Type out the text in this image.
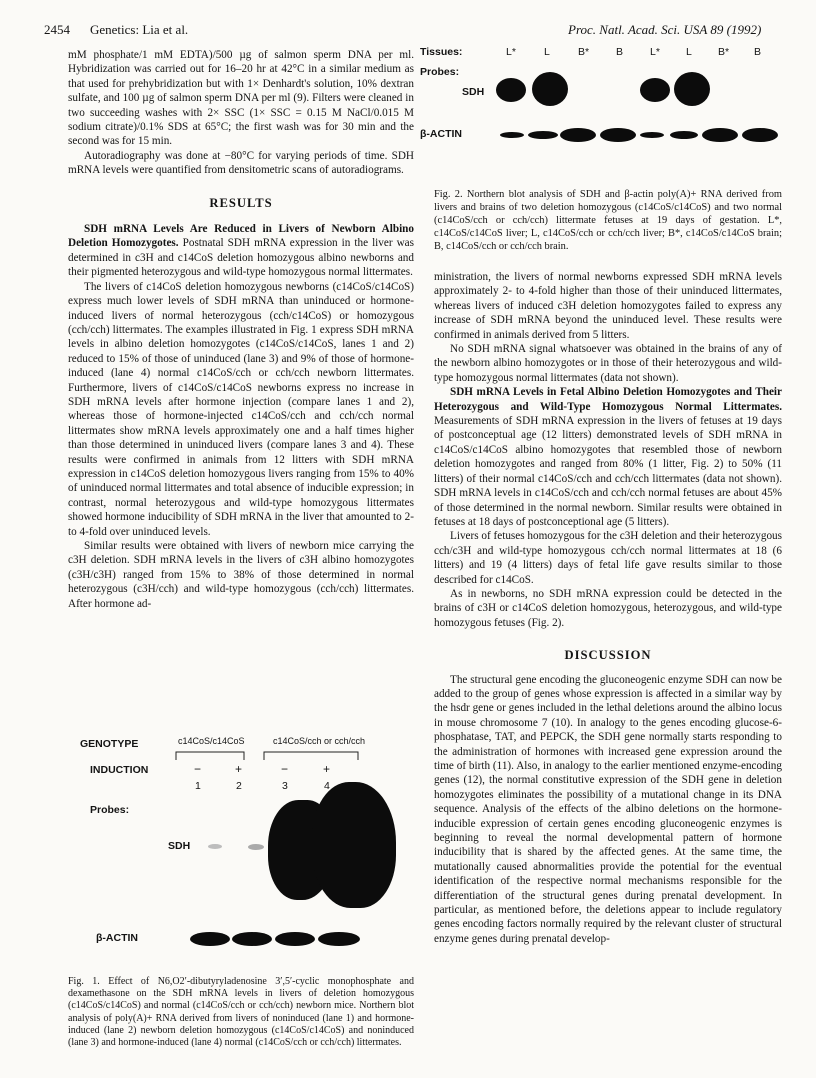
2454 Genetics: Lia et al.	Proc. Natl. Acad. Sci. USA 89 (1992)

mM phosphate/1 mM EDTA)/500 µg of salmon sperm DNA per ml. Hybridization was carried out for 16–20 hr at 42°C in a similar medium as that used for prehybridization but with 1× Denhardt's solution, 10% dextran sulfate, and 100 µg of salmon sperm DNA per ml (9). Filters were cleaned in two succeeding washes with 2× SSC (1× SSC = 0.15 M NaCl/0.015 M sodium citrate)/0.1% SDS at 65°C; the first wash was for 30 min and the second was for 15 min.

Autoradiography was done at −80°C for varying periods of time. SDH mRNA levels were quantified from densitometric scans of autoradiograms.

RESULTS

SDH mRNA Levels Are Reduced in Livers of Newborn Albino Deletion Homozygotes. Postnatal SDH mRNA expression in the liver was determined in c3H and c14CoS deletion homozygous albino newborns and their pigmented heterozygous and wild-type homozygous normal littermates.

The livers of c14CoS deletion homozygous newborns (c14CoS/c14CoS) express much lower levels of SDH mRNA than uninduced or hormone-induced livers of normal heterozygous (cch/c14CoS) or homozygous (cch/cch) littermates. The examples illustrated in Fig. 1 express SDH mRNA levels in albino deletion homozygotes (c14CoS/c14CoS, lanes 1 and 2) reduced to 15% of those of uninduced (lane 3) and 9% of those of hormone-induced (lane 4) normal c14CoS/cch or cch/cch newborn littermates. Furthermore, livers of c14CoS/c14CoS newborns express no increase in SDH mRNA levels after hormone injection (compare lanes 1 and 2), whereas those of hormone-injected c14CoS/cch and cch/cch normal littermates show mRNA levels approximately one and a half times higher than those determined in uninduced livers (compare lanes 3 and 4). These results were confirmed in animals from 12 litters with SDH mRNA expression in c14CoS deletion homozygous livers ranging from 15% to 40% of uninduced normal littermates and total absence of inducible expression; in contrast, normal heterozygous and wild-type homozygous littermates showed hormone inducibility of SDH mRNA in the liver that amounted to 2- to 4-fold over uninduced levels.

Similar results were obtained with livers of newborn mice carrying the c3H deletion. SDH mRNA levels in the livers of c3H albino homozygotes (c3H/c3H) ranged from 15% to 38% of those determined in normal heterozygous (c3H/cch) and wild-type homozygous (cch/cch) littermates. After hormone ad-

GENOTYPE	c14CoS/c14CoS	c14CoS/cch or cch/cch
INDUCTION	−	+	−	+
1	2	3	4
Probes:
SDH
β-ACTIN
Fig. 1. Effect of N6,O2′-dibutyryladenosine 3′,5′-cyclic monophosphate and dexamethasone on the SDH mRNA levels in livers of deletion homozygous (c14CoS/c14CoS) and normal (c14CoS/cch or cch/cch) newborn mice. Northern blot analysis of poly(A)+ RNA derived from livers of noninduced (lane 1) and hormone-induced (lane 2) newborn deletion homozygous (c14CoS/c14CoS) and noninduced (lane 3) and hormone-induced (lane 4) normal (c14CoS/cch or cch/cch) littermates.
Tissues:	L*	L	B*	B	L* L B* B
Probes:
SDH
β-ACTIN
Fig. 2. Northern blot analysis of SDH and β-actin poly(A)+ RNA derived from livers and brains of two deletion homozygous (c14CoS/c14CoS) and two normal (c14CoS/cch or cch/cch) littermate fetuses at 19 days of gestation. L*, c14CoS/c14CoS liver; L, c14CoS/cch or cch/cch liver; B*, c14CoS/c14CoS brain; B, c14CoS/cch or cch/cch brain.

ministration, the livers of normal newborns expressed SDH mRNA levels approximately 2- to 4-fold higher than those of their uninduced littermates, whereas livers of induced c3H deletion homozygotes failed to express any increase of SDH mRNA beyond the uninduced level. These results were confirmed in animals derived from 5 litters.

No SDH mRNA signal whatsoever was obtained in the brains of any of the newborn albino homozygotes or in those of their heterozygous and wild-type homozygous normal littermates (data not shown).

SDH mRNA Levels in Fetal Albino Deletion Homozygotes and Their Heterozygous and Wild-Type Homozygous Normal Littermates. Measurements of SDH mRNA expression in the livers of fetuses at 19 days of postconceptual age (12 litters) demonstrated levels of SDH mRNA in c14CoS/c14CoS albino homozygotes that resembled those of newborn deletion homozygotes and ranged from 80% (1 litter, Fig. 2) to 50% (11 litters) of their normal c14CoS/cch and cch/cch littermates (data not shown). SDH mRNA levels in c14CoS/cch and cch/cch normal fetuses are about 45% of those determined in the normal newborn. Similar results were obtained in fetuses at 18 days of postconceptional age (5 litters).

Livers of fetuses homozygous for the c3H deletion and their heterozygous cch/c3H and wild-type homozygous cch/cch normal littermates at 18 (6 litters) and 19 (4 litters) days of fetal life gave results similar to those described for c14CoS.

As in newborns, no SDH mRNA expression could be detected in the brains of c3H or c14CoS deletion homozygous, heterozygous, and wild-type homozygous fetuses (Fig. 2).

DISCUSSION

The structural gene encoding the gluconeogenic enzyme SDH can now be added to the group of genes whose expression is affected in a similar way by the hsdr gene or genes included in the lethal deletions around the albino locus in mouse chromosome 7 (10). In analogy to the genes encoding glucose-6-phosphatase, TAT, and PEPCK, the SDH gene normally starts responding to the administration of hormones with increased gene expression around the time of birth (11). Also, in analogy to the earlier mentioned enzyme-encoding genes (12), the normal constitutive expression of the SDH gene in deletion homozygotes eliminates the possibility of a mutational change in its DNA sequence. Analysis of the effects of the albino deletions on the hormone-inducible expression of certain genes encoding gluconeogenic enzymes is beginning to reveal the normal developmental pattern of hormone inducibility that is shared by the affected genes. At the same time, the mutationally caused abnormalities provide the potential for the eventual identification of the respective normal mechanisms responsible for the differentiation of the structural genes during prenatal development. In particular, as mentioned before, the deletions appear to include regulatory genes encoding factors normally required by the relevant cluster of structural enzyme genes during prenatal develop-
